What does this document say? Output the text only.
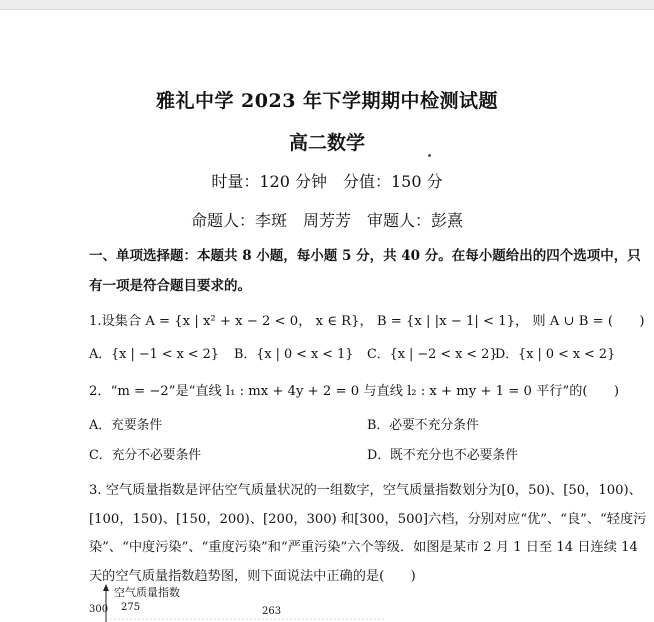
雅礼中学 2023 年下学期期中检测试题
高二数学
时量：120 分钟　分值：150 分
命题人：李斑　周芳芳　审题人：彭熹
一、单项选择题：本题共 8 小题，每小题 5 分，共 40 分。在每小题给出的四个选项中，只
有一项是符合题目要求的。
1.设集合 A = {x | x² + x − 2 < 0， x ∈ R}， B = {x | |x − 1| < 1}， 则 A ∪ B = (　　)
A．{x | −1 < x < 2} B．{x | 0 < x < 1} C．{x | −2 < x < 2}
D．{x | 0 < x < 2}
2．“m = −2”是“直线 l₁ : mx + 4y + 2 = 0 与直线 l₂ : x + my + 1 = 0 平行”的(　　)
A．充要条件	B．必要不充分条件
C．充分不必要条件	D．既不充分也不必要条件
3. 空气质量指数是评估空气质量状况的一组数字，空气质量指数划分为[0，50)、[50，100)、
[100，150)、[150，200)、[200，300) 和[300，500]六档，分别对应“优”、“良”、“轻度污
染”、“中度污染”、“重度污染”和“严重污染”六个等级．如图是某市 2 月 1 日至 14 日连续 14
天的空气质量指数趋势图，则下面说法中正确的是(　　)
空气质量指数
300 275	263
